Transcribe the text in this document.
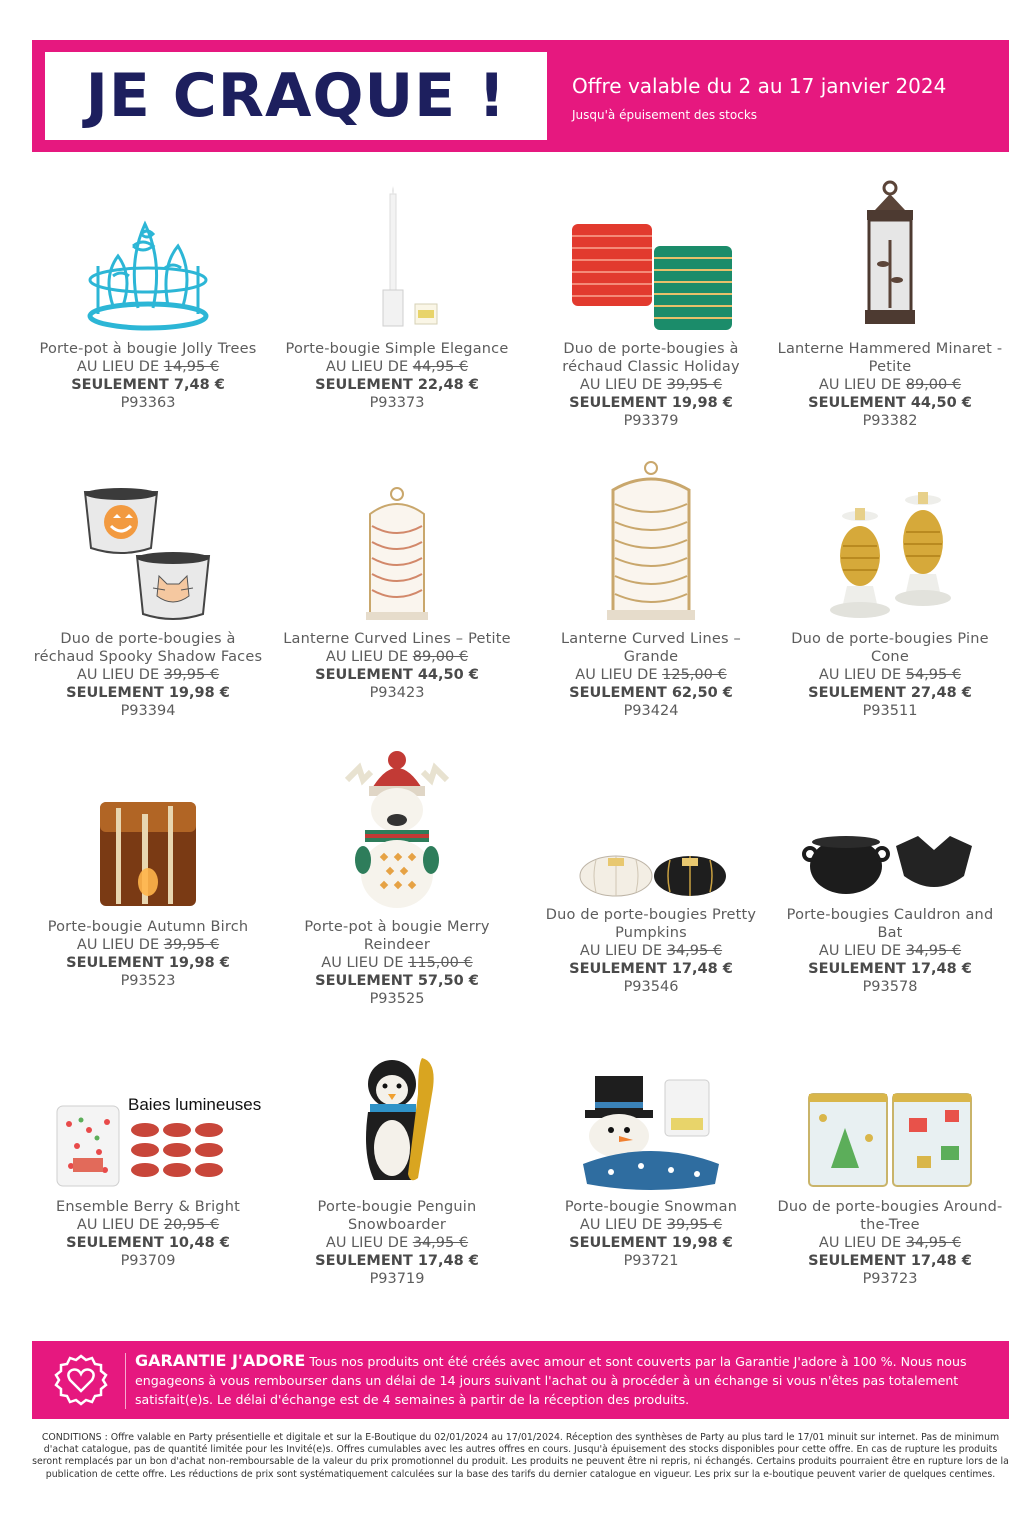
JE CRAQUE !	Offre valable du 2 au 17 janvier 2024
Jusqu'à épuisement des stocks
Porte-pot à bougie Jolly Trees
AU LIEU DE 14,95 €
SEULEMENT 7,48 €
P93363
Porte-bougie Simple Elegance
AU LIEU DE 44,95 €
SEULEMENT 22,48 €
P93373
Duo de porte-bougies à réchaud Classic Holiday
AU LIEU DE 39,95 €
SEULEMENT 19,98 €
P93379
Lanterne Hammered Minaret - Petite
AU LIEU DE 89,00 €
SEULEMENT 44,50 €
P93382
Duo de porte-bougies à réchaud Spooky Shadow Faces
AU LIEU DE 39,95 €
SEULEMENT 19,98 €
P93394
Lanterne Curved Lines – Petite
AU LIEU DE 89,00 €
SEULEMENT 44,50 €
P93423
Lanterne Curved Lines – Grande
AU LIEU DE 125,00 €
SEULEMENT 62,50 €
P93424
Duo de porte-bougies Pine Cone
AU LIEU DE 54,95 €
SEULEMENT 27,48 €
P93511
Porte-bougie Autumn Birch
AU LIEU DE 39,95 €
SEULEMENT 19,98 €
P93523
Porte-pot à bougie Merry Reindeer
AU LIEU DE 115,00 €
SEULEMENT 57,50 €
P93525
Duo de porte-bougies Pretty Pumpkins
AU LIEU DE 34,95 €
SEULEMENT 17,48 €
P93546
Porte-bougies Cauldron and Bat
AU LIEU DE 34,95 €
SEULEMENT 17,48 €
P93578
Baies lumineuses
Ensemble Berry & Bright
AU LIEU DE 20,95 €
SEULEMENT 10,48 €
P93709
Porte-bougie Penguin Snowboarder
AU LIEU DE 34,95 €
SEULEMENT 17,48 €
P93719
Porte-bougie Snowman
AU LIEU DE 39,95 €
SEULEMENT 19,98 €
P93721
Duo de porte-bougies Around-the-Tree
AU LIEU DE 34,95 €
SEULEMENT 17,48 €
P93723
GARANTIE J'ADORE Tous nos produits ont été créés avec amour et sont couverts par la Garantie J'adore à 100 %. Nous nous engageons à vous rembourser dans un délai de 14 jours suivant l'achat ou à procéder à un échange si vous n'êtes pas totalement satisfait(e)s. Le délai d'échange est de 4 semaines à partir de la réception des produits.
CONDITIONS : Offre valable en Party présentielle et digitale et sur la E-Boutique du 02/01/2024 au 17/01/2024. Réception des synthèses de Party au plus tard le 17/01 minuit sur internet. Pas de minimum d'achat catalogue, pas de quantité limitée pour les Invité(e)s. Offres cumulables avec les autres offres en cours. Jusqu'à épuisement des stocks disponibles pour cette offre. En cas de rupture les produits seront remplacés par un bon d'achat non-remboursable de la valeur du prix promotionnel du produit. Les produits ne peuvent être ni repris, ni échangés. Certains produits pourraient être en rupture lors de la publication de cette offre. Les réductions de prix sont systématiquement calculées sur la base des tarifs du dernier catalogue en vigueur. Les prix sur la e-boutique peuvent varier de quelques centimes.
